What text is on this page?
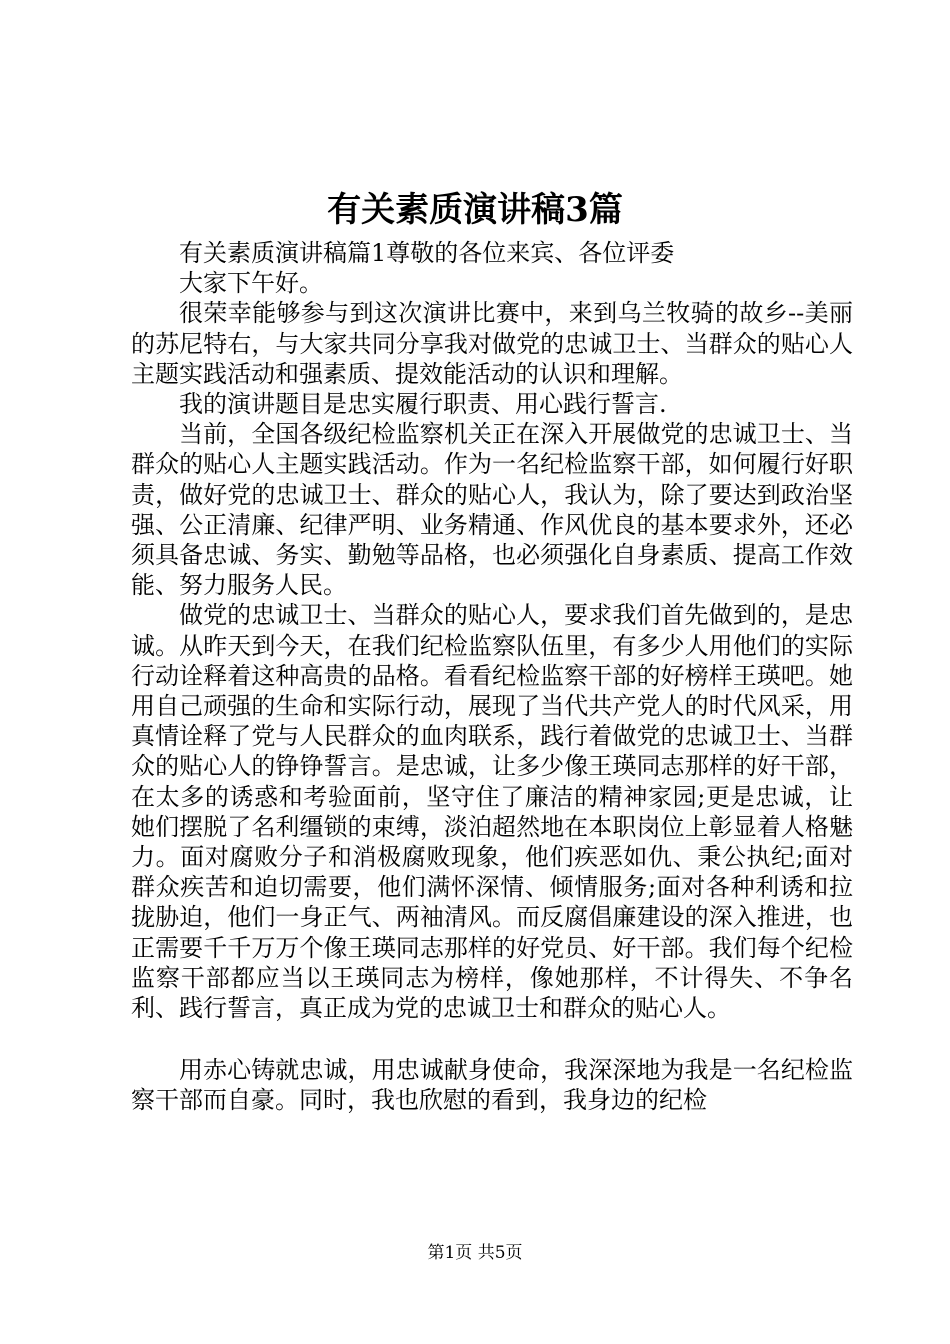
有关素质演讲稿3篇

有关素质演讲稿篇1尊敬的各位来宾、各位评委

大家下午好。

很荣幸能够参与到这次演讲比赛中，来到乌兰牧骑的故乡--美丽的苏尼特右，与大家共同分享我对做党的忠诚卫士、当群众的贴心人主题实践活动和强素质、提效能活动的认识和理解。

我的演讲题目是忠实履行职责、用心践行誓言.

当前，全国各级纪检监察机关正在深入开展做党的忠诚卫士、当群众的贴心人主题实践活动。作为一名纪检监察干部，如何履行好职责，做好党的忠诚卫士、群众的贴心人，我认为，除了要达到政治坚强、公正清廉、纪律严明、业务精通、作风优良的基本要求外，还必须具备忠诚、务实、勤勉等品格，也必须强化自身素质、提高工作效能、努力服务人民。

做党的忠诚卫士、当群众的贴心人，要求我们首先做到的，是忠诚。从昨天到今天，在我们纪检监察队伍里，有多少人用他们的实际行动诠释着这种高贵的品格。看看纪检监察干部的好榜样王瑛吧。她用自己顽强的生命和实际行动，展现了当代共产党人的时代风采，用真情诠释了党与人民群众的血肉联系，践行着做党的忠诚卫士、当群众的贴心人的铮铮誓言。是忠诚，让多少像王瑛同志那样的好干部，在太多的诱惑和考验面前，坚守住了廉洁的精神家园;更是忠诚，让她们摆脱了名利缰锁的束缚，淡泊超然地在本职岗位上彰显着人格魅力。面对腐败分子和消极腐败现象，他们疾恶如仇、秉公执纪;面对群众疾苦和迫切需要，他们满怀深情、倾情服务;面对各种利诱和拉拢胁迫，他们一身正气、两袖清风。而反腐倡廉建设的深入推进，也正需要千千万万个像王瑛同志那样的好党员、好干部。我们每个纪检监察干部都应当以王瑛同志为榜样，像她那样，不计得失、不争名利、践行誓言，真正成为党的忠诚卫士和群众的贴心人。

用赤心铸就忠诚，用忠诚献身使命，我深深地为我是一名纪检监察干部而自豪。同时，我也欣慰的看到，我身边的纪检

第1页 共5页
